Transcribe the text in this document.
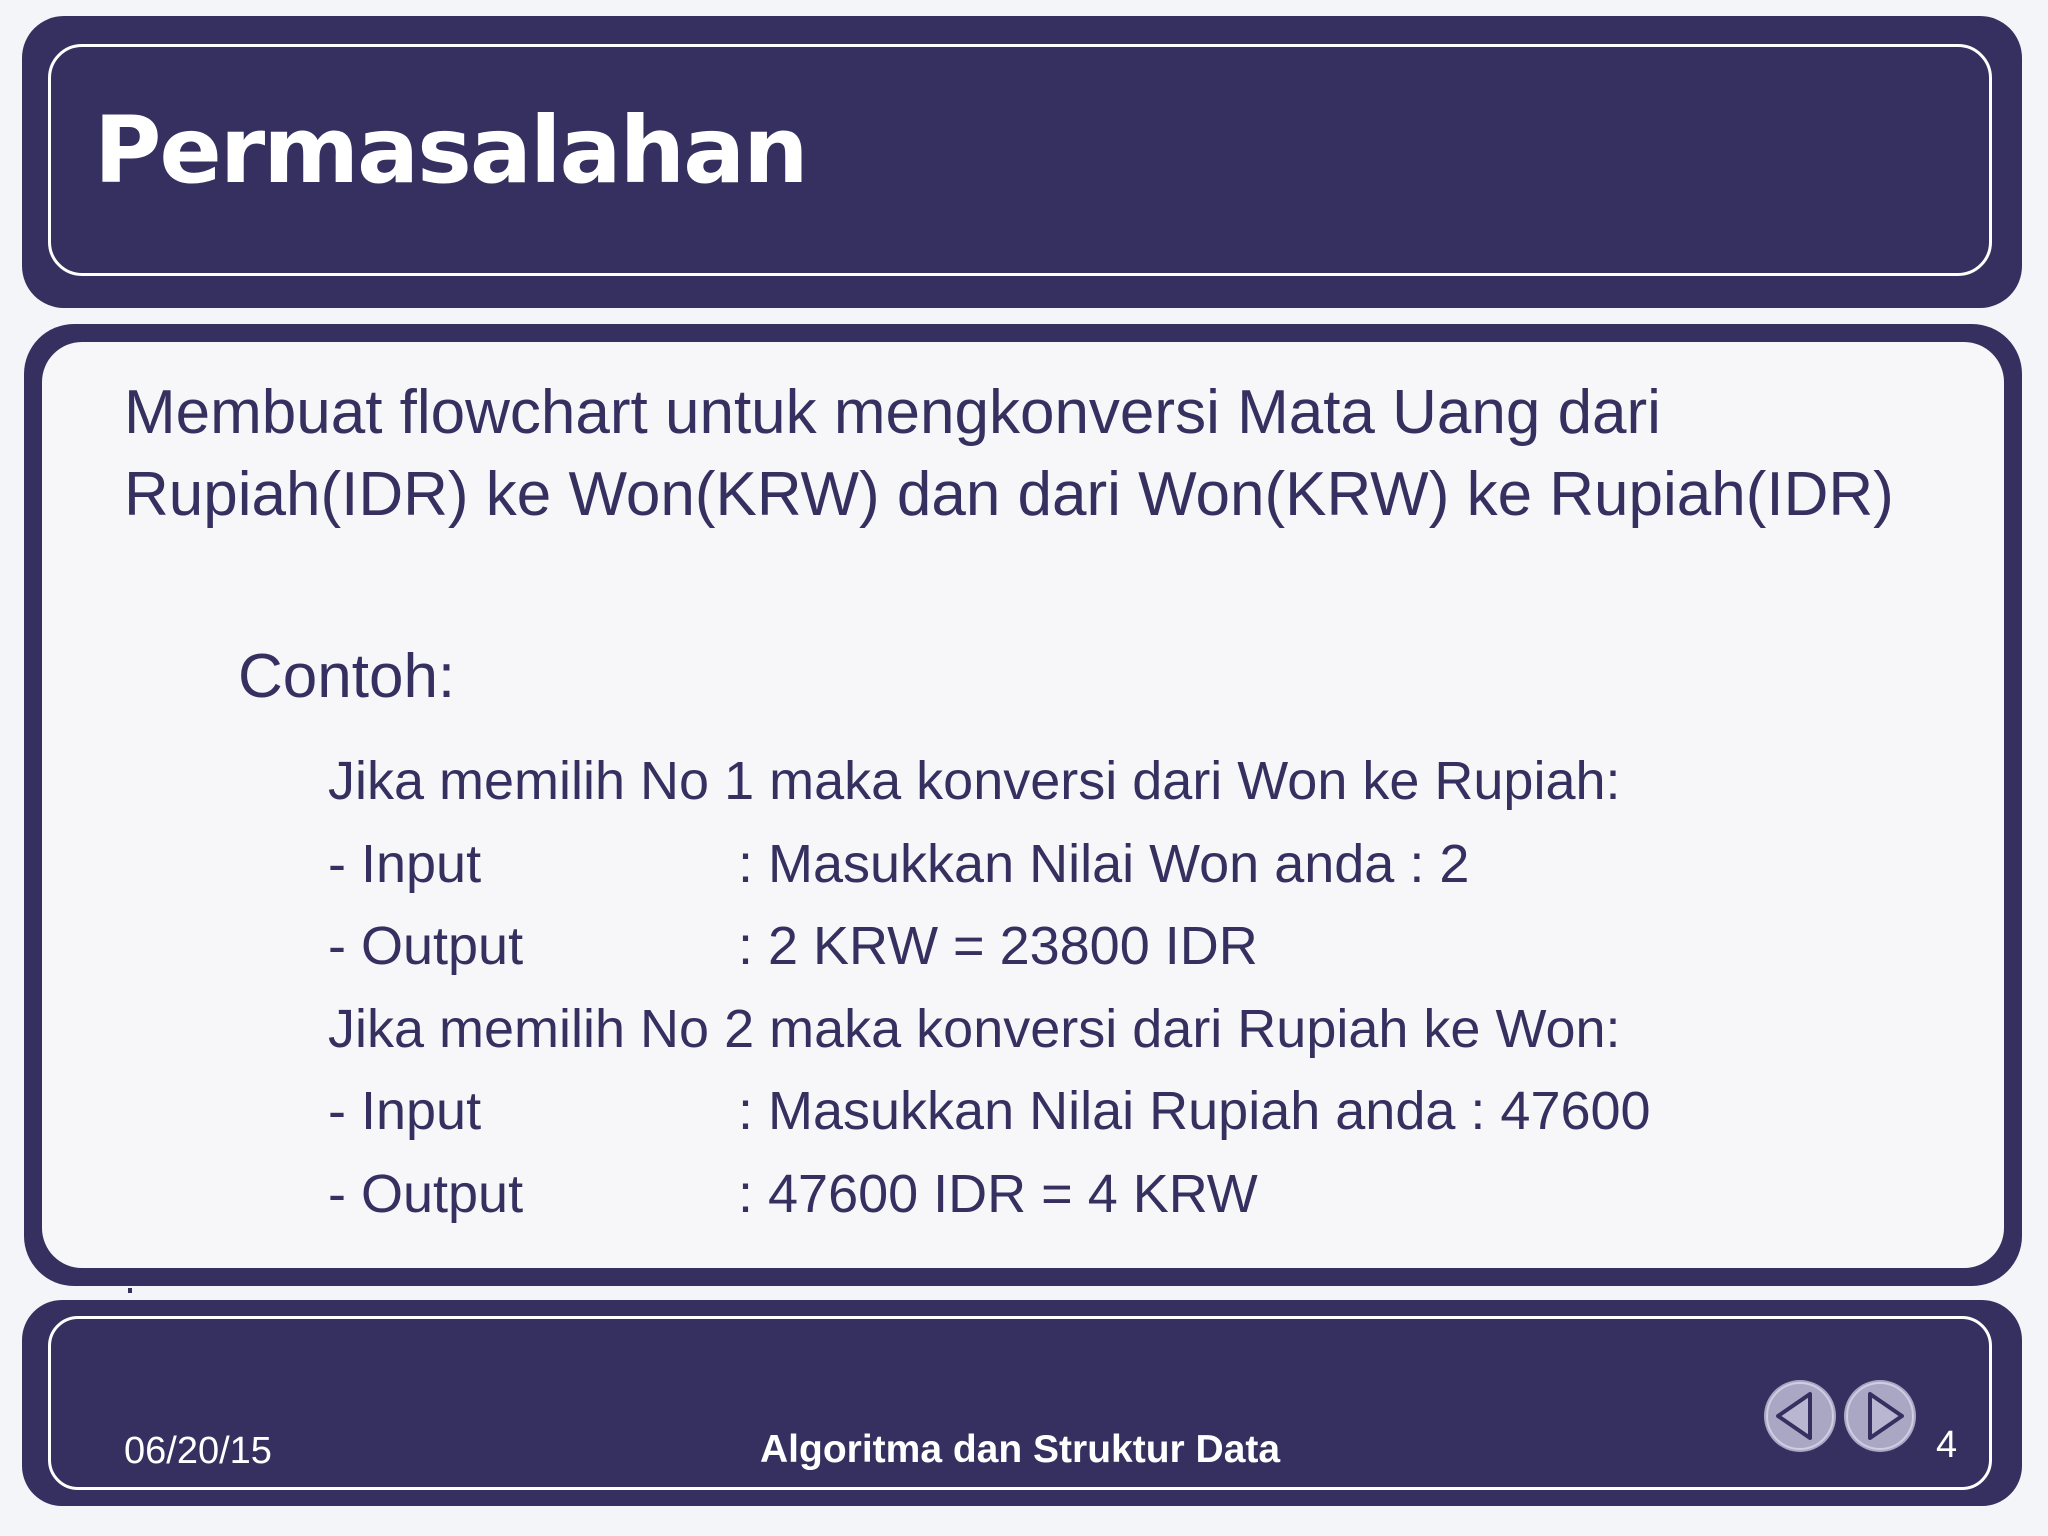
Permasalahan

Membuat flowchart untuk mengkonversi Mata Uang dari Rupiah(IDR) ke Won(KRW) dan dari Won(KRW) ke Rupiah(IDR)

Contoh:

Jika memilih No 1 maka konversi dari Won ke Rupiah:
- Input	: Masukkan Nilai Won anda : 2
- Output	: 2 KRW = 23800 IDR
Jika memilih No 2 maka konversi dari Rupiah ke Won:
- Input	: Masukkan Nilai Rupiah anda : 47600
- Output	: 47600 IDR = 4 KRW
06/20/15	Algoritma dan Struktur Data	4
